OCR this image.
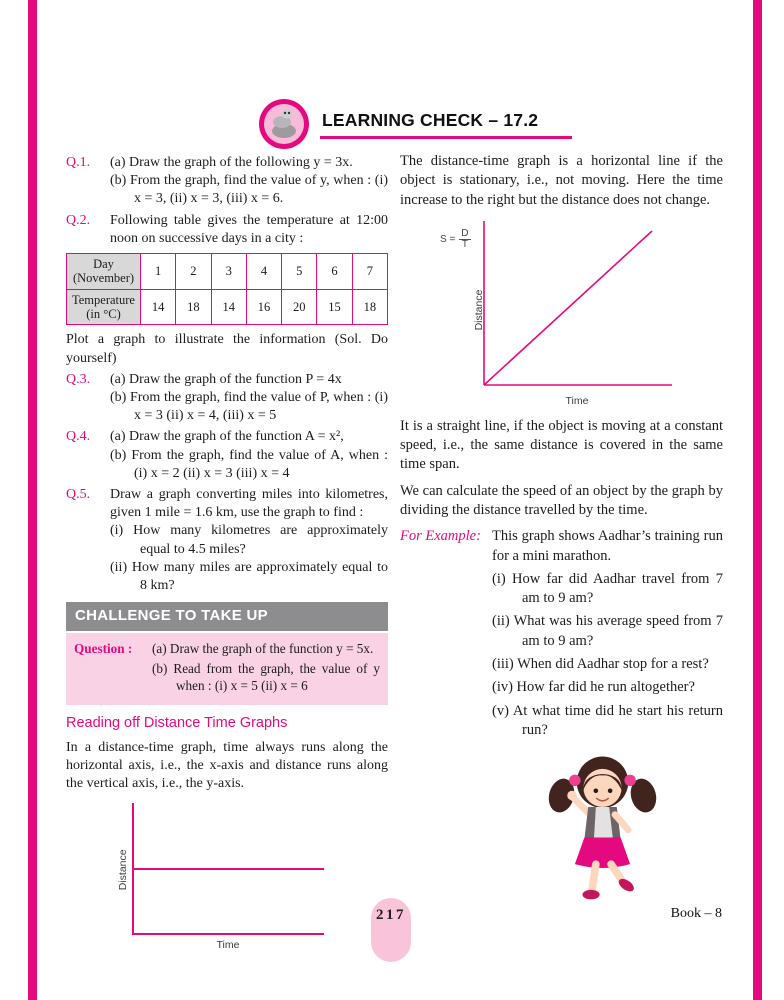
LEARNING CHECK – 17.2
Q.1.	(a) Draw the graph of the following y = 3x.

(b) From the graph, find the value of y, when : (i) x = 3, (ii) x = 3, (iii) x = 6.

Q.2.	Following table gives the temperature at 12:00 noon on successive days in a city :

Day
(November)	1	2	3	4	5	6	7

Temperature
(in °C)	14	18	14	16	20	15	18

Plot a graph to illustrate the information (Sol. Do yourself)

Q.3.	(a) Draw the graph of the function P = 4x

(b) From the graph, find the value of P, when : (i) x = 3 (ii) x = 4, (iii) x = 5

Q.4.	(a) Draw the graph of the function A = x²,

(b) From the graph, find the value of A, when : (i) x = 2 (ii) x = 3 (iii) x = 4

Q.5.	Draw a graph converting miles into kilometres, given 1 mile = 1.6 km, use the graph to find :

(i) How many kilometres are approximately equal to 4.5 miles?

(ii) How many miles are approximately equal to 8 km?

CHALLENGE TO TAKE UP
Question :	(a) Draw the graph of the function y = 5x.

(b) Read from the graph, the value of y when : (i) x = 5 (ii) x = 6

Reading off Distance Time Graphs

In a distance-time graph, time always runs along the horizontal axis, i.e., the x-axis and distance runs along the vertical axis, i.e., the y-axis.

Distance
Time

The distance-time graph is a horizontal line if the object is stationary, i.e., not moving. Here the time increase to the right but the distance does not change.

$S = \frac{D}{T}$
Distance
Time

It is a straight line, if the object is moving at a constant speed, i.e., the same distance is covered in the same time span.

We can calculate the speed of an object by the graph by dividing the distance travelled by the time.

For Example: This graph shows Aadhar’s training run for a mini marathon.

(i) How far did Aadhar travel from 7 am to 9 am?

(ii) What was his average speed from 7 am to 9 am?

(iii) When did Aadhar stop for a rest?

(iv) How far did he run altogether?

(v) At what time did he start his return run?

217	Book – 8
